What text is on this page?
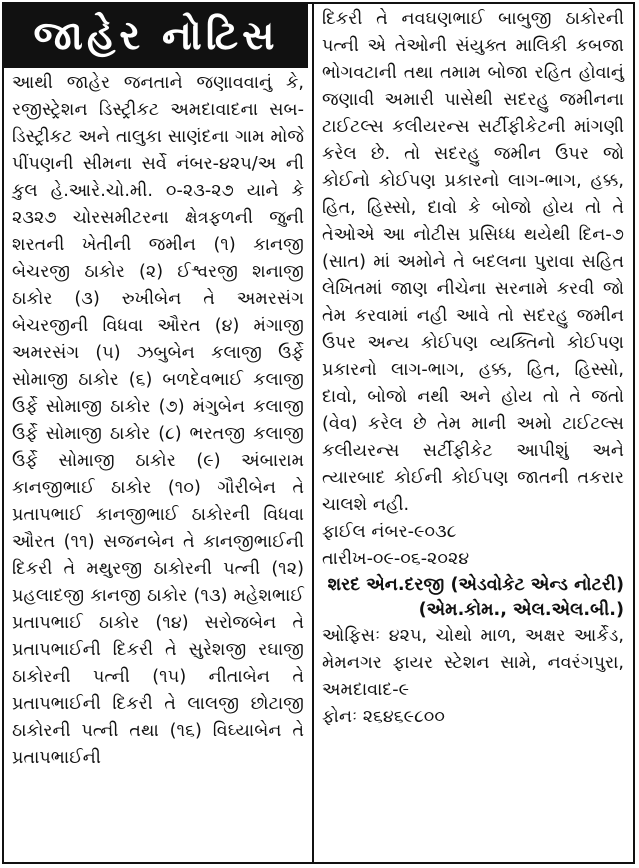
જાહેર નોટિસ

આથી જાહેર જનતાને જણાવવાનું કે, રજીસ્ટ્રેશન ડિસ્ટ્રીકટ અમદાવાદના સબ-ડિસ્ટ્રીકટ અને તાલુકા સાણંદના ગામ મોજે પીંપણની સીમના સર્વે નંબર-૪૨૫/અ ની કુલ હે.આરે.ચો.મી. ૦-૨૩-૨૭ યાને કે ૨૩૨૭ ચોરસમીટરના ક્ષેત્રફળની જુની શરતની ખેતીની જમીન (૧) કાનજી બેચરજી ઠાકોર (૨) ઈશ્વરજી શનાજી ઠાકોર (૩) રુખીબેન તે અમરસંગ બેચરજીની વિધવા ઔરત (૪) મંગાજી અમરસંગ (૫) ઝબુબેન કલાજી ઉર્ફે સોમાજી ઠાકોર (૬) બળદેવભાઈ કલાજી ઉર્ફે સોમાજી ઠાકોર (૭) મંગુબેન કલાજી ઉર્ફે સોમાજી ઠાકોર (૮) ભરતજી કલાજી ઉર્ફે સોમાજી ઠાકોર (૯) અંબારામ કાનજીભાઈ ઠાકોર (૧૦) ગૌરીબેન તે પ્રતાપભાઈ કાનજીભાઈ ઠાકોરની વિધવા ઔરત (૧૧) સજનબેન તે કાનજીભાઈની દિકરી તે મથુરજી ઠાકોરની પત્ની (૧૨) પ્રહલાદજી કાનજી ઠાકોર (૧૩) મહેશભાઈ પ્રતાપભાઈ ઠાકોર (૧૪) સરોજબેન તે પ્રતાપભાઈની દિકરી તે સુરેશજી રઘાજી ઠાકોરની પત્ની (૧૫) નીતાબેન તે પ્રતાપભાઈની દિકરી તે લાલજી છોટાજી ઠાકોરની પત્ની તથા (૧૬) વિઘ્યાબેન તે પ્રતાપભાઈની

દિકરી તે નવઘણભાઈ બાબુજી ઠાકોરની પત્ની એ તેઓની સંયુક્ત માલિકી કબજા ભોગવટાની તથા તમામ બોજા રહિત હોવાનું જણાવી અમારી પાસેથી સદરહુ જમીનના ટાઈટલ્સ કલીયરન્સ સર્ટીફીકેટની માંગણી કરેલ છે. તો સદરહુ જમીન ઉપર જો કોઈનો કોઈપણ પ્રકારનો લાગ-ભાગ, હક્ક, હિત, હિસ્સો, દાવો કે બોજો હોય તો તે તેઓએ આ નોટીસ પ્રસિધ્ધ થયેથી દિન-૭ (સાત) માં અમોને તે બદલના પુરાવા સહિત લેખિતમાં જાણ નીચેના સરનામે કરવી જો તેમ કરવામાં નહી આવે તો સદરહુ જમીન ઉપર અન્ય કોઈપણ વ્યક્તિનો કોઈપણ પ્રકારનો લાગ-ભાગ, હક્ક, હિત, હિસ્સો, દાવો, બોજો નથી અને હોય તો તે જતો (વેવ) કરેલ છે તેમ માની અમો ટાઈટલ્સ કલીયરન્સ સર્ટીફીકેટ આપીશું અને ત્યારબાદ કોઈની કોઈપણ જાતની તકરાર ચાલશે નહી.

ફાઈલ નંબર-૯૦૩૮

તારીખ-૦૯-૦૬-૨૦૨૪

શરદ એન.દરજી (એડવોકેટ એન્ડ નોટરી)

(એમ.કોમ., એલ.એલ.બી.)

ઓફિસઃ ૪૨૫, ચોથો માળ, અક્ષર આર્કેડ, મેમનગર ફાયર સ્ટેશન સામે, નવરંગપુરા, અમદાવાદ-૯

ફોનઃ ૨૬૪૬૯૮૦૦
